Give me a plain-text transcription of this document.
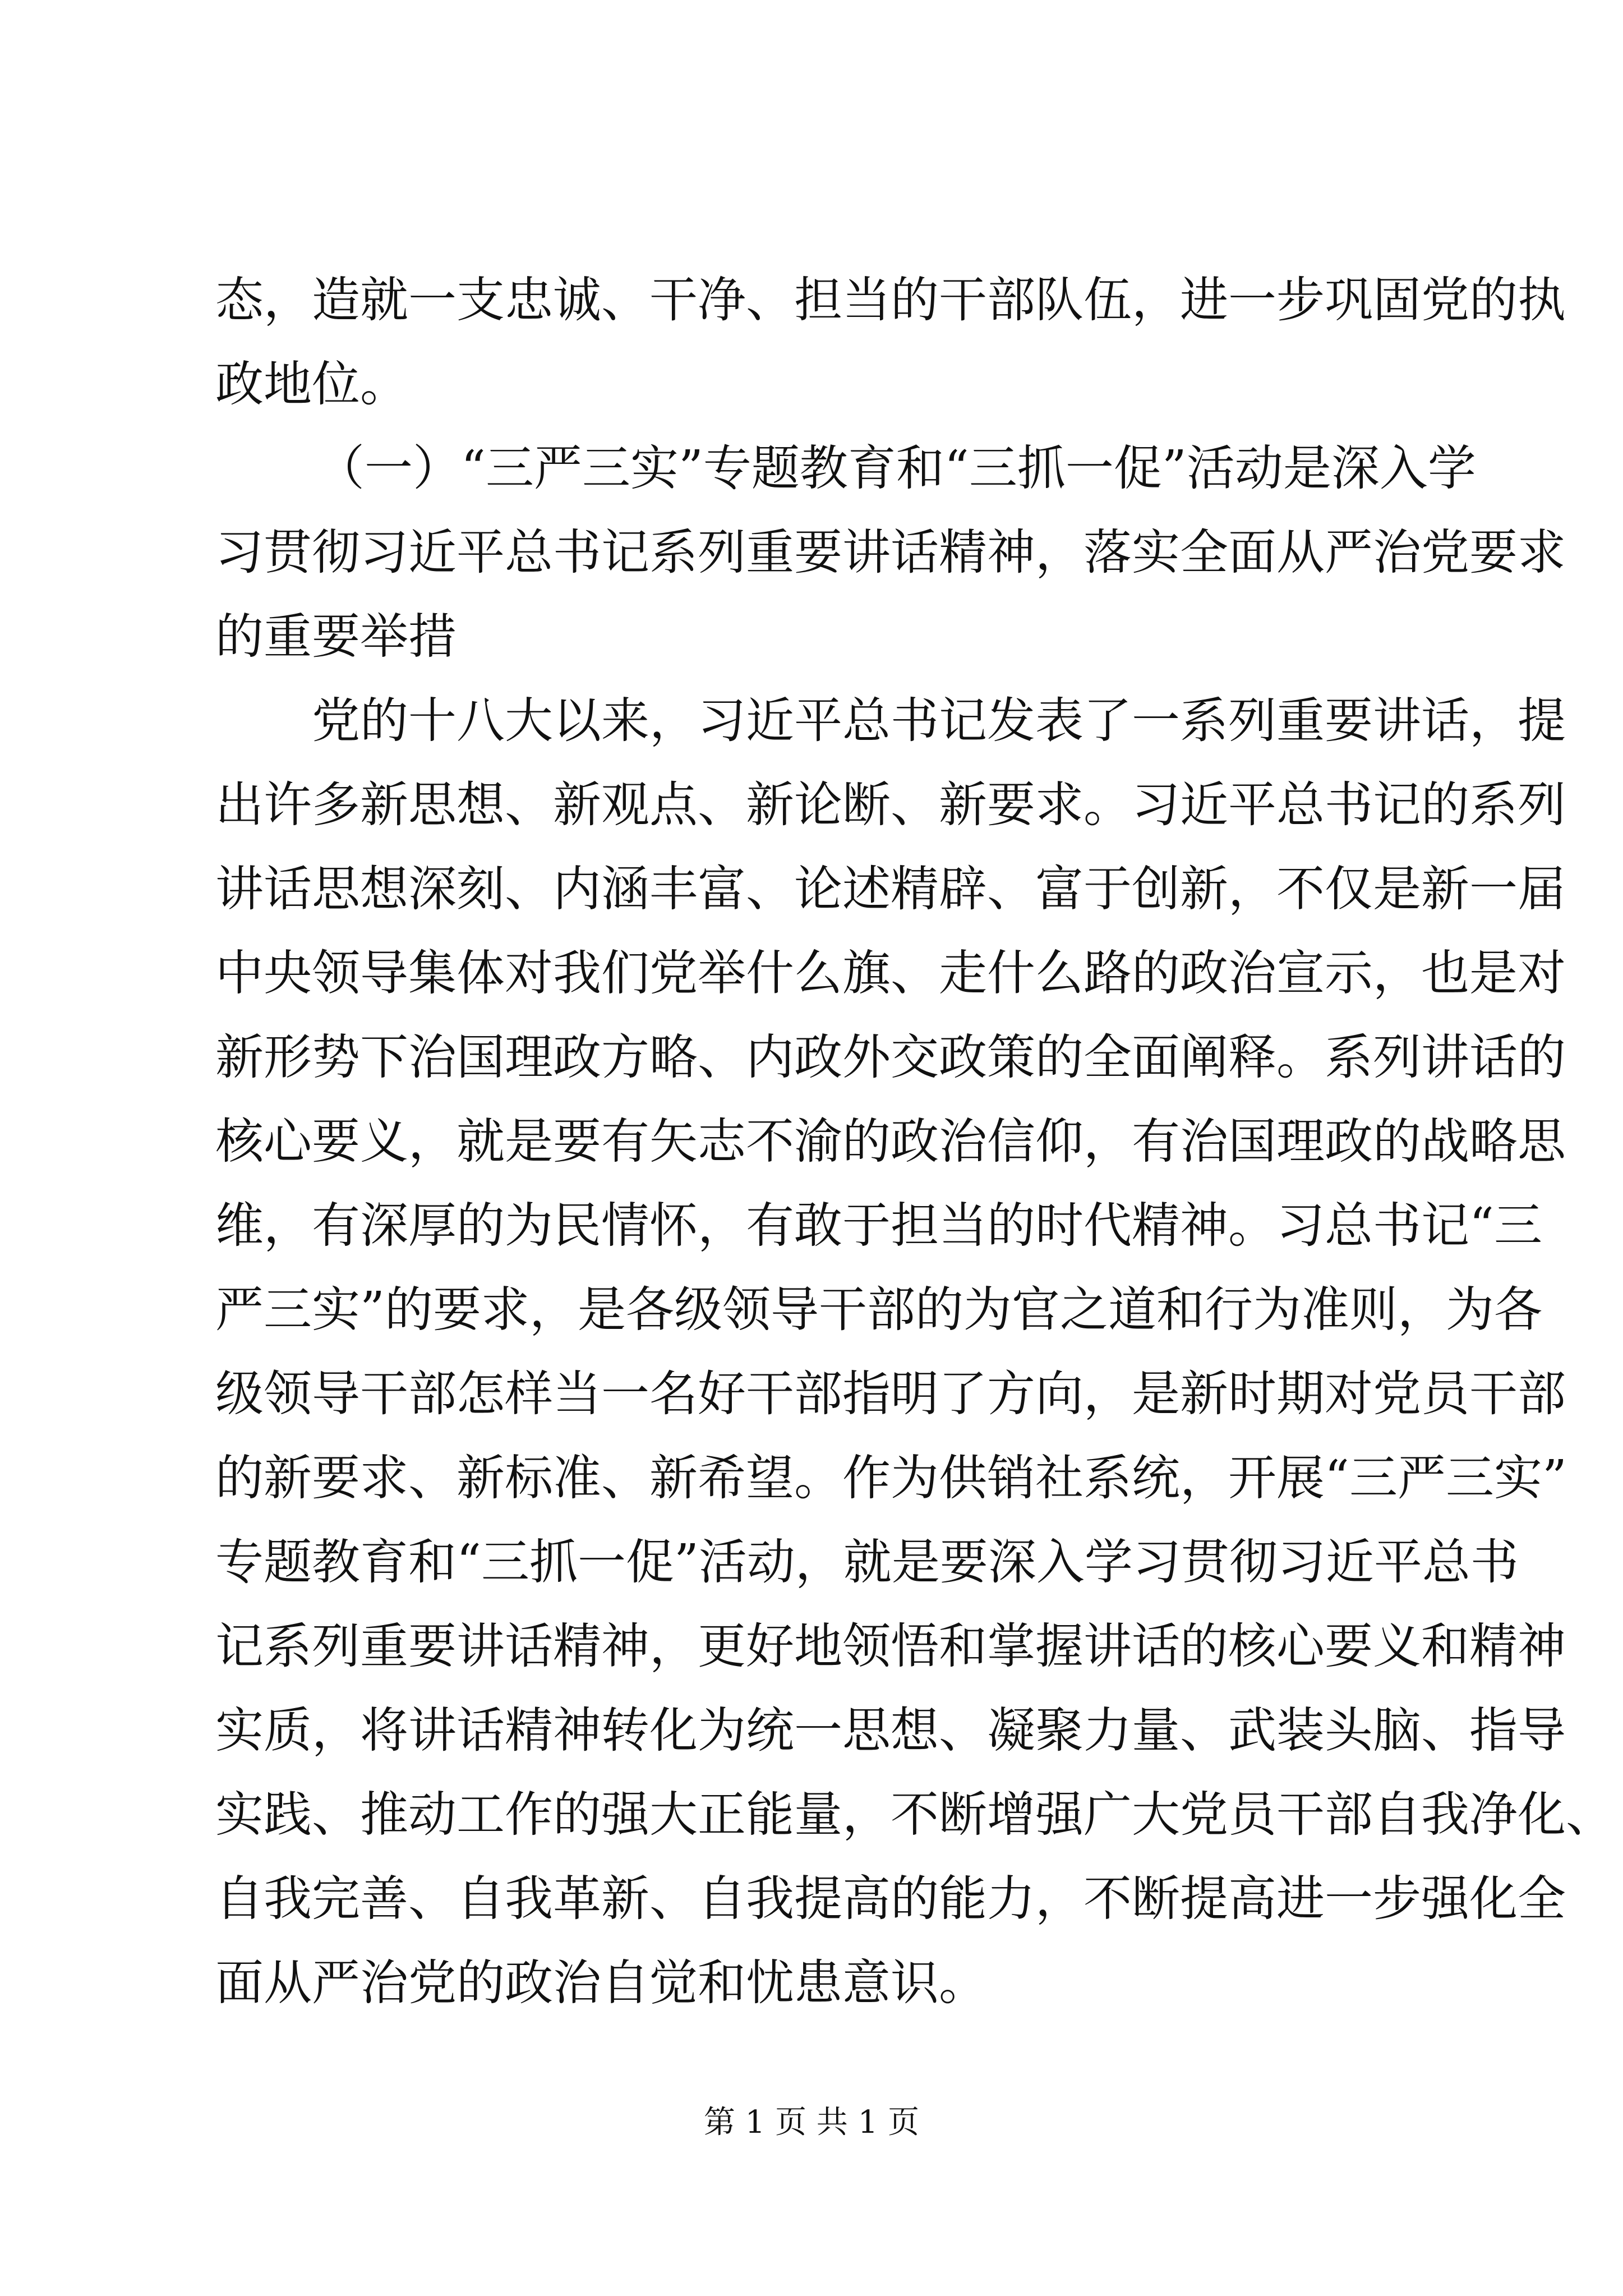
态，造就一支忠诚、干净、担当的干部队伍，进一步巩固党的执
政地位。
（一）“三严三实”专题教育和“三抓一促”活动是深入学
习贯彻习近平总书记系列重要讲话精神，落实全面从严治党要求
的重要举措
党的十八大以来，习近平总书记发表了一系列重要讲话，提
出许多新思想、新观点、新论断、新要求。习近平总书记的系列
讲话思想深刻、内涵丰富、论述精辟、富于创新，不仅是新一届
中央领导集体对我们党举什么旗、走什么路的政治宣示，也是对
新形势下治国理政方略、内政外交政策的全面阐释。系列讲话的
核心要义，就是要有矢志不渝的政治信仰，有治国理政的战略思
维，有深厚的为民情怀，有敢于担当的时代精神。习总书记“三
严三实”的要求，是各级领导干部的为官之道和行为准则，为各
级领导干部怎样当一名好干部指明了方向，是新时期对党员干部
的新要求、新标准、新希望。作为供销社系统，开展“三严三实”
专题教育和“三抓一促”活动，就是要深入学习贯彻习近平总书
记系列重要讲话精神，更好地领悟和掌握讲话的核心要义和精神
实质，将讲话精神转化为统一思想、凝聚力量、武装头脑、指导
实践、推动工作的强大正能量，不断增强广大党员干部自我净化、
自我完善、自我革新、自我提高的能力，不断提高进一步强化全
面从严治党的政治自觉和忧患意识。
第 1 页 共 1 页
